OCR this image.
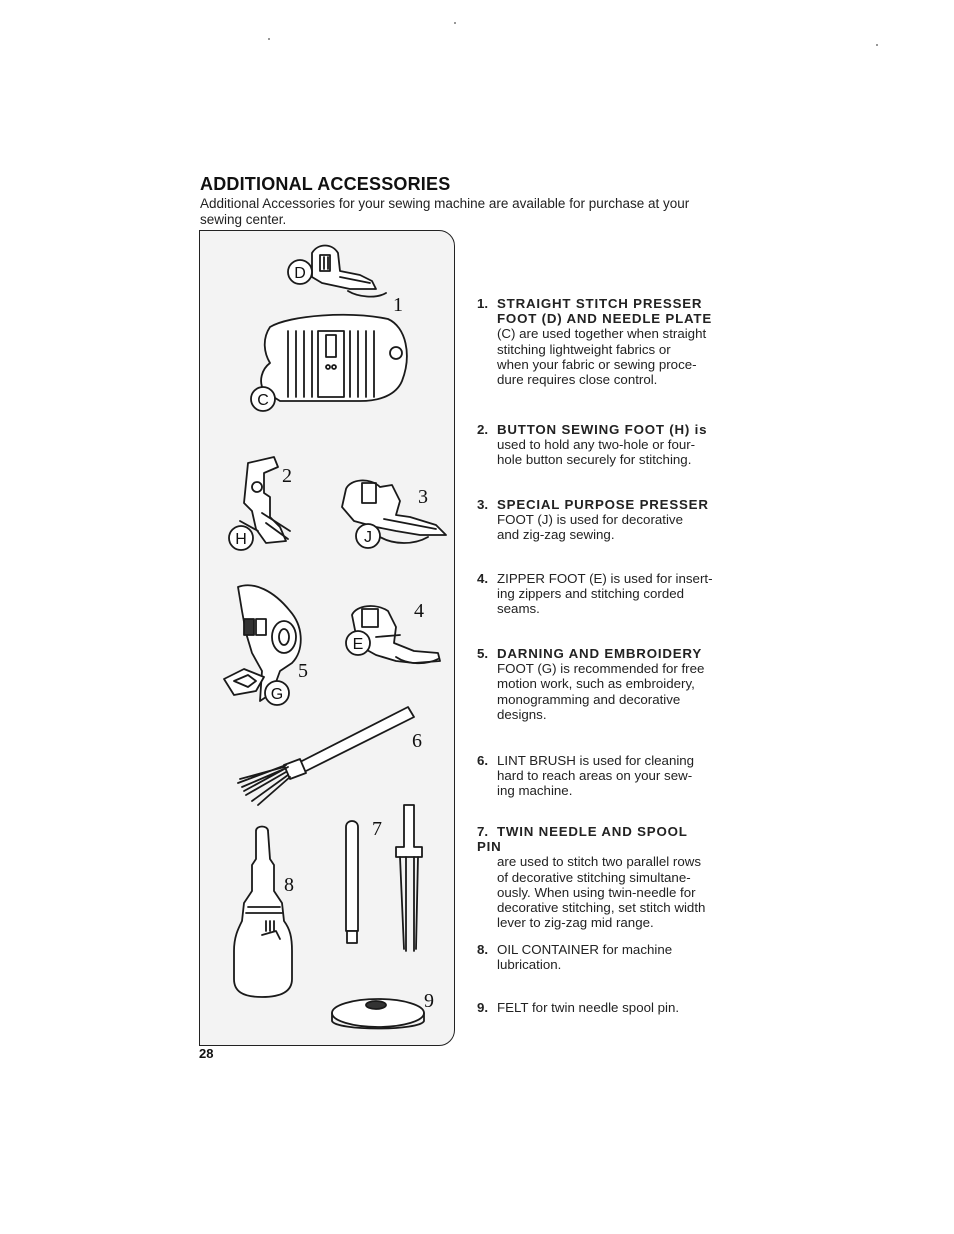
ADDITIONAL ACCESSORIES

Additional Accessories for your sewing machine are available for purchase at your
sewing center.

D
1
C
2
H
3
J
5
G
4
E
6
7
8
9
1. STRAIGHT STITCH PRESSER
FOOT (D) AND NEEDLE PLATE
(C) are used together when straight
stitching lightweight fabrics or
when your fabric or sewing proce-
dure requires close control.
2. BUTTON SEWING FOOT (H) is
used to hold any two-hole or four-
hole button securely for stitching.
3. SPECIAL PURPOSE PRESSER
FOOT (J) is used for decorative
and zig-zag sewing.
4. ZIPPER FOOT (E) is used for insert-
ing zippers and stitching corded
seams.
5. DARNING AND EMBROIDERY
FOOT (G) is recommended for free
motion work, such as embroidery,
monogramming and decorative
designs.
6. LINT BRUSH is used for cleaning
hard to reach areas on your sew-
ing machine.
7. TWIN NEEDLE AND SPOOL PIN
are used to stitch two parallel rows
of decorative stitching simultane-
ously. When using twin-needle for
decorative stitching, set stitch width
lever to zig-zag mid range.
8. OIL CONTAINER for machine
lubrication.
9. FELT for twin needle spool pin.

28
